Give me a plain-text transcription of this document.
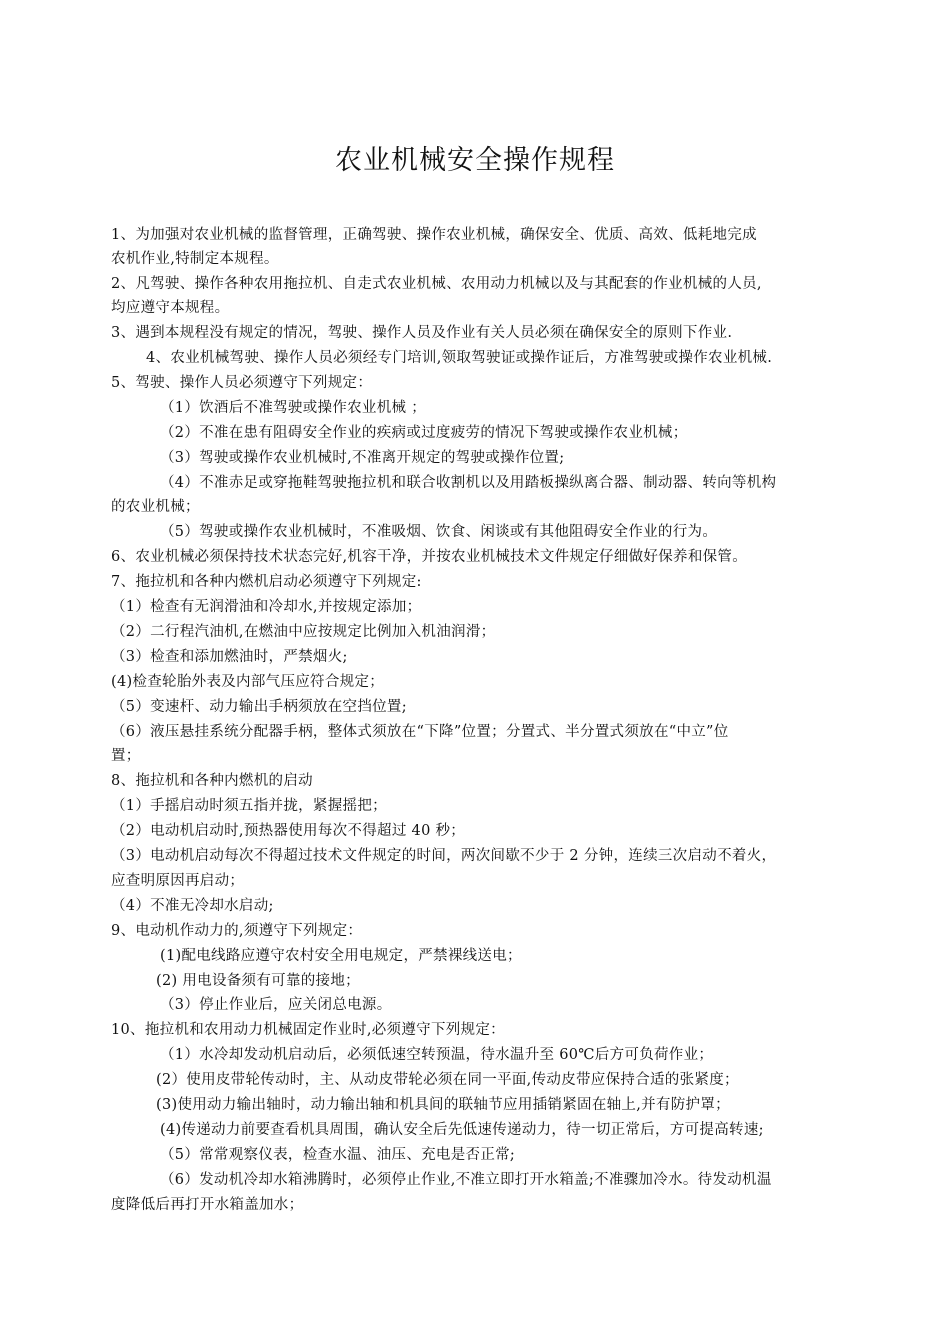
农业机械安全操作规程
1、为加强对农业机械的监督管理，正确驾驶、操作农业机械，确保安全、优质、高效、低耗地完成
农机作业,特制定本规程。
2、凡驾驶、操作各种农用拖拉机、自走式农业机械、农用动力机械以及与其配套的作业机械的人员,
均应遵守本规程。
3、遇到本规程没有规定的情况，驾驶、操作人员及作业有关人员必须在确保安全的原则下作业.
4、农业机械驾驶、操作人员必须经专门培训,领取驾驶证或操作证后，方准驾驶或操作农业机械.
5、驾驶、操作人员必须遵守下列规定：
（1）饮酒后不准驾驶或操作农业机械 ；
（2）不准在患有阻碍安全作业的疾病或过度疲劳的情况下驾驶或操作农业机械；
（3）驾驶或操作农业机械时,不准离开规定的驾驶或操作位置;
（4）不准赤足或穿拖鞋驾驶拖拉机和联合收割机以及用踏板操纵离合器、制动器、转向等机构
的农业机械；
（5）驾驶或操作农业机械时，不准吸烟、饮食、闲谈或有其他阻碍安全作业的行为。
6、农业机械必须保持技术状态完好,机容干净，并按农业机械技术文件规定仔细做好保养和保管。
7、拖拉机和各种内燃机启动必须遵守下列规定:
（1）检查有无润滑油和冷却水,并按规定添加；
（2）二行程汽油机,在燃油中应按规定比例加入机油润滑；
（3）检查和添加燃油时，严禁烟火;
(4)检查轮胎外表及内部气压应符合规定；
（5）变速杆、动力输出手柄须放在空挡位置;
（6）液压悬挂系统分配器手柄，整体式须放在“下降”位置；分置式、半分置式须放在“中立”位
置；
8、拖拉机和各种内燃机的启动
（1）手摇启动时须五指并拢，紧握摇把；
（2）电动机启动时,预热器使用每次不得超过 40 秒；
（3）电动机启动每次不得超过技术文件规定的时间，两次间歇不少于 2 分钟，连续三次启动不着火，
应查明原因再启动；
（4）不准无冷却水启动;
9、电动机作动力的,须遵守下列规定：
(1)配电线路应遵守农村安全用电规定，严禁裸线送电；
(2) 用电设备须有可靠的接地；
（3）停止作业后，应关闭总电源。
10、拖拉机和农用动力机械固定作业时,必须遵守下列规定：
（1）水冷却发动机启动后，必须低速空转预温，待水温升至 60℃后方可负荷作业；
(2）使用皮带轮传动时，主、从动皮带轮必须在同一平面,传动皮带应保持合适的张紧度；
(3)使用动力输出轴时，动力输出轴和机具间的联轴节应用插销紧固在轴上,并有防护罩；
(4)传递动力前要查看机具周围，确认安全后先低速传递动力，待一切正常后，方可提高转速;
（5）常常观察仪表，检查水温、油压、充电是否正常;
（6）发动机冷却水箱沸腾时，必须停止作业,不准立即打开水箱盖;不准骤加冷水。待发动机温
度降低后再打开水箱盖加水；
